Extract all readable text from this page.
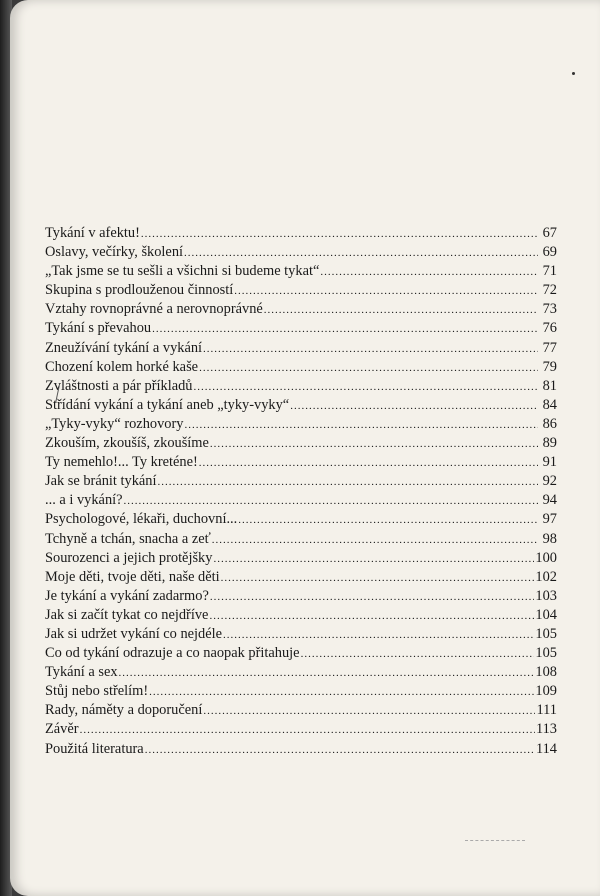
Tykání v afektu! .....	67
Oslavy, večírky, školení .....	69
„Tak jsme se tu sešli a všichni si budeme tykat“ .....	71
Skupina s prodlouženou činností .....	72
Vztahy rovnoprávné a nerovnoprávné .....	73
Tykání s převahou .....	76
Zneužívání tykání a vykání .....	77
Chození kolem horké kaše .....	79
Zvláštnosti a pár příkladů .....	81
Střídání vykání a tykání aneb „tyky-vyky“ .....	84
„Tyky-vyky“ rozhovory .....	86
Zkouším, zkoušíš, zkoušíme .....	89
Ty nemehlo!... Ty kreténe! .....	91
Jak se bránit tykání .....	92
... a i vykání? .....	94
Psychologové, lékaři, duchovní... .....	97
Tchyně a tchán, snacha a zeť .....	98
Sourozenci a jejich protějšky .....	100
Moje děti, tvoje děti, naše děti .....	102
Je tykání a vykání zadarmo? .....	103
Jak si začít tykat co nejdříve .....	104
Jak si udržet vykání co nejdéle .....	105
Co od tykání odrazuje a co naopak přitahuje .....	105
Tykání a sex .....	108
Stůj nebo střelím! .....	109
Rady, náměty a doporučení .....	111
Závěr .....	113
Použitá literatura .....	114
